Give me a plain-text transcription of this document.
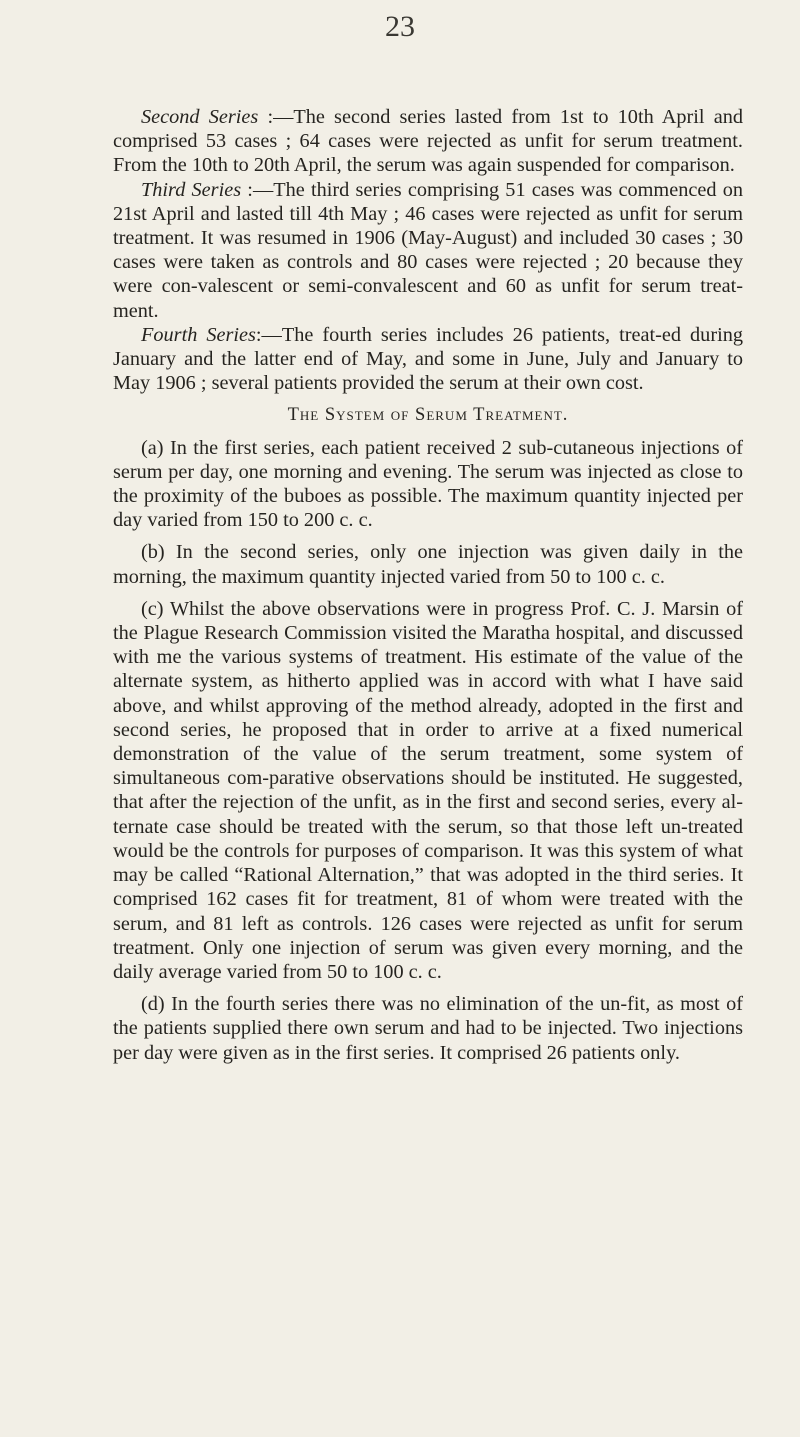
23

Second Series :—The second series lasted from 1st to 10th April and comprised 53 cases ; 64 cases were rejected as unfit for serum treatment. From the 10th to 20th April, the serum was again suspended for comparison.

Third Series :—The third series comprising 51 cases was commenced on 21st April and lasted till 4th May ; 46 cases were rejected as unfit for serum treatment. It was resumed in 1906 (May-August) and included 30 cases ; 30 cases were taken as controls and 80 cases were rejected ; 20 because they were con-valescent or semi-convalescent and 60 as unfit for serum treat-ment.

Fourth Series:—The fourth series includes 26 patients, treat-ed during January and the latter end of May, and some in June, July and January to May 1906 ; several patients provided the serum at their own cost.

The System of Serum Treatment.

(a) In the first series, each patient received 2 sub-cutaneous injections of serum per day, one morning and evening. The serum was injected as close to the proximity of the buboes as possible. The maximum quantity injected per day varied from 150 to 200 c. c.

(b) In the second series, only one injection was given daily in the morning, the maximum quantity injected varied from 50 to 100 c. c.

(c) Whilst the above observations were in progress Prof. C. J. Marsin of the Plague Research Commission visited the Maratha hospital, and discussed with me the various systems of treatment. His estimate of the value of the alternate system, as hitherto applied was in accord with what I have said above, and whilst approving of the method already, adopted in the first and second series, he proposed that in order to arrive at a fixed numerical demonstration of the value of the serum treatment, some system of simultaneous com-parative observations should be instituted. He suggested, that after the rejection of the unfit, as in the first and second series, every al-ternate case should be treated with the serum, so that those left un-treated would be the controls for purposes of comparison. It was this system of what may be called “Rational Alternation,” that was adopted in the third series. It comprised 162 cases fit for treatment, 81 of whom were treated with the serum, and 81 left as controls. 126 cases were rejected as unfit for serum treatment. Only one injection of serum was given every morning, and the daily average varied from 50 to 100 c. c.

(d) In the fourth series there was no elimination of the un-fit, as most of the patients supplied there own serum and had to be injected. Two injections per day were given as in the first series. It comprised 26 patients only.
